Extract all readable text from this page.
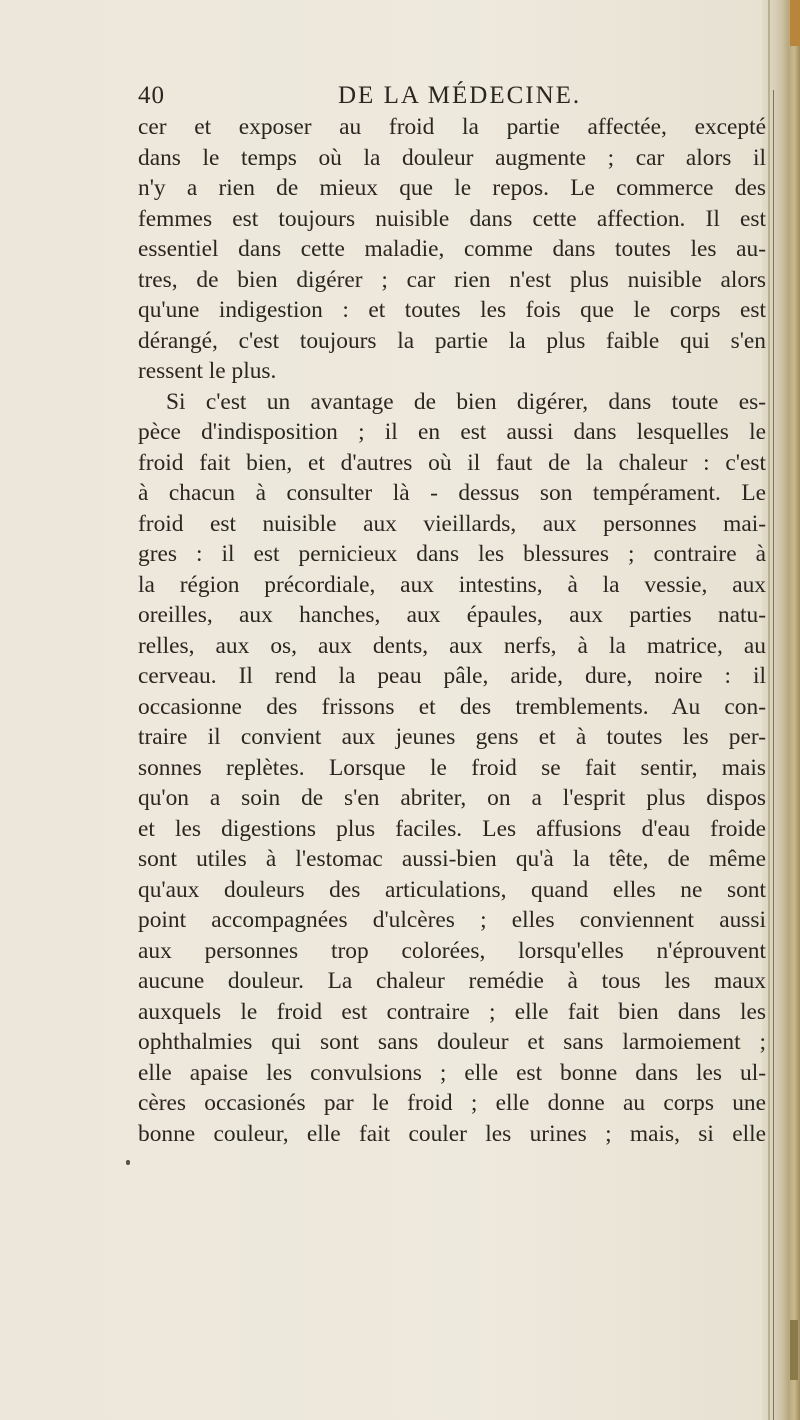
40	DE LA MÉDECINE.
cer et exposer au froid la partie affectée, excepté
dans le temps où la douleur augmente ; car alors il
n'y a rien de mieux que le repos. Le commerce des
femmes est toujours nuisible dans cette affection. Il est
essentiel dans cette maladie, comme dans toutes les au-
tres, de bien digérer ; car rien n'est plus nuisible alors
qu'une indigestion : et toutes les fois que le corps est
dérangé, c'est toujours la partie la plus faible qui s'en
ressent le plus.
Si c'est un avantage de bien digérer, dans toute es-
pèce d'indisposition ; il en est aussi dans lesquelles le
froid fait bien, et d'autres où il faut de la chaleur : c'est
à chacun à consulter là - dessus son tempérament. Le
froid est nuisible aux vieillards, aux personnes mai-
gres : il est pernicieux dans les blessures ; contraire à
la région précordiale, aux intestins, à la vessie, aux
oreilles, aux hanches, aux épaules, aux parties natu-
relles, aux os, aux dents, aux nerfs, à la matrice, au
cerveau. Il rend la peau pâle, aride, dure, noire : il
occasionne des frissons et des tremblements. Au con-
traire il convient aux jeunes gens et à toutes les per-
sonnes replètes. Lorsque le froid se fait sentir, mais
qu'on a soin de s'en abriter, on a l'esprit plus dispos
et les digestions plus faciles. Les affusions d'eau froide
sont utiles à l'estomac aussi-bien qu'à la tête, de même
qu'aux douleurs des articulations, quand elles ne sont
point accompagnées d'ulcères ; elles conviennent aussi
aux personnes trop colorées, lorsqu'elles n'éprouvent
aucune douleur. La chaleur remédie à tous les maux
auxquels le froid est contraire ; elle fait bien dans les
ophthalmies qui sont sans douleur et sans larmoiement ;
elle apaise les convulsions ; elle est bonne dans les ul-
cères occasionés par le froid ; elle donne au corps une
bonne couleur, elle fait couler les urines ; mais, si elle
